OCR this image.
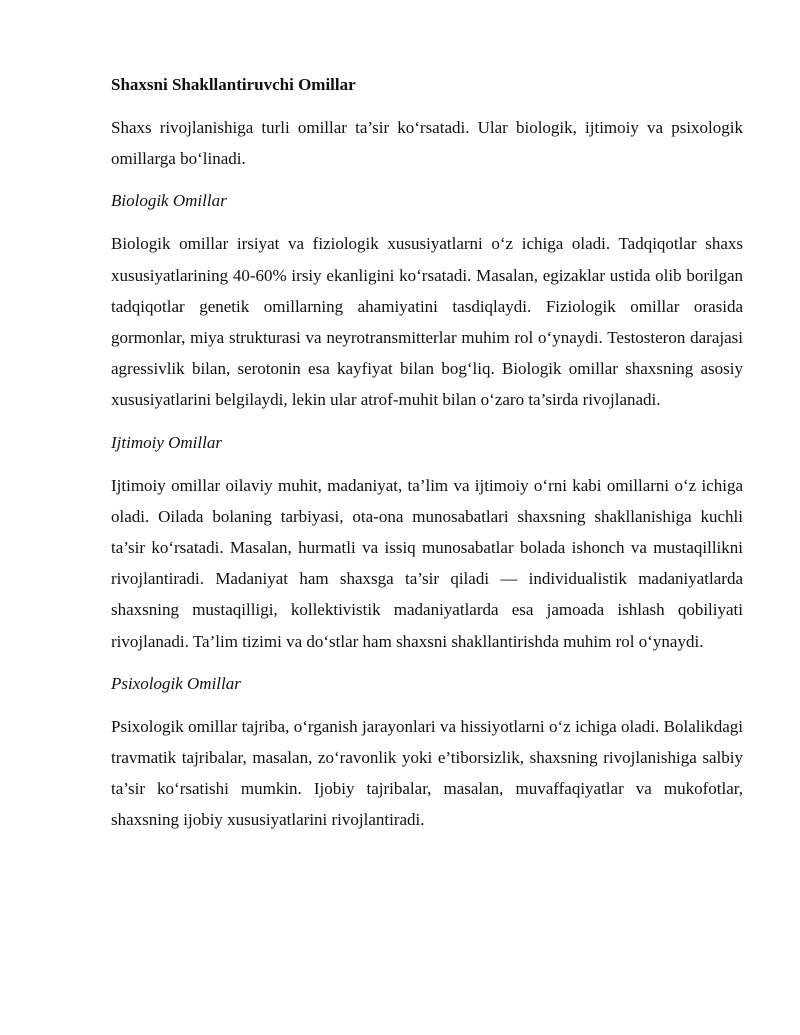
Shaxsni Shakllantiruvchi Omillar

Shaxs rivojlanishiga turli omillar ta’sir ko‘rsatadi. Ular biologik, ijtimoiy va psixologik omillarga bo‘linadi.

Biologik Omillar

Biologik omillar irsiyat va fiziologik xususiyatlarni o‘z ichiga oladi. Tadqiqotlar shaxs xususiyatlarining 40-60% irsiy ekanligini ko‘rsatadi. Masalan, egizaklar ustida olib borilgan tadqiqotlar genetik omillarning ahamiyatini tasdiqlaydi. Fiziologik omillar orasida gormonlar, miya strukturasi va neyrotransmitterlar muhim rol o‘ynaydi. Testosteron darajasi agressivlik bilan, serotonin esa kayfiyat bilan bog‘liq. Biologik omillar shaxsning asosiy xususiyatlarini belgilaydi, lekin ular atrof-muhit bilan o‘zaro ta’sirda rivojlanadi.

Ijtimoiy Omillar

Ijtimoiy omillar oilaviy muhit, madaniyat, ta’lim va ijtimoiy o‘rni kabi omillarni o‘z ichiga oladi. Oilada bolaning tarbiyasi, ota-ona munosabatlari shaxsning shakllanishiga kuchli ta’sir ko‘rsatadi. Masalan, hurmatli va issiq munosabatlar bolada ishonch va mustaqillikni rivojlantiradi. Madaniyat ham shaxsga ta’sir qiladi — individualistik madaniyatlarda shaxsning mustaqilligi, kollektivistik madaniyatlarda esa jamoada ishlash qobiliyati rivojlanadi. Ta’lim tizimi va do‘stlar ham shaxsni shakllantirishda muhim rol o‘ynaydi.

Psixologik Omillar

Psixologik omillar tajriba, o‘rganish jarayonlari va hissiyotlarni o‘z ichiga oladi. Bolalikdagi travmatik tajribalar, masalan, zo‘ravonlik yoki e’tiborsizlik, shaxsning rivojlanishiga salbiy ta’sir ko‘rsatishi mumkin. Ijobiy tajribalar, masalan, muvaffaqiyatlar va mukofotlar, shaxsning ijobiy xususiyatlarini rivojlantiradi.
